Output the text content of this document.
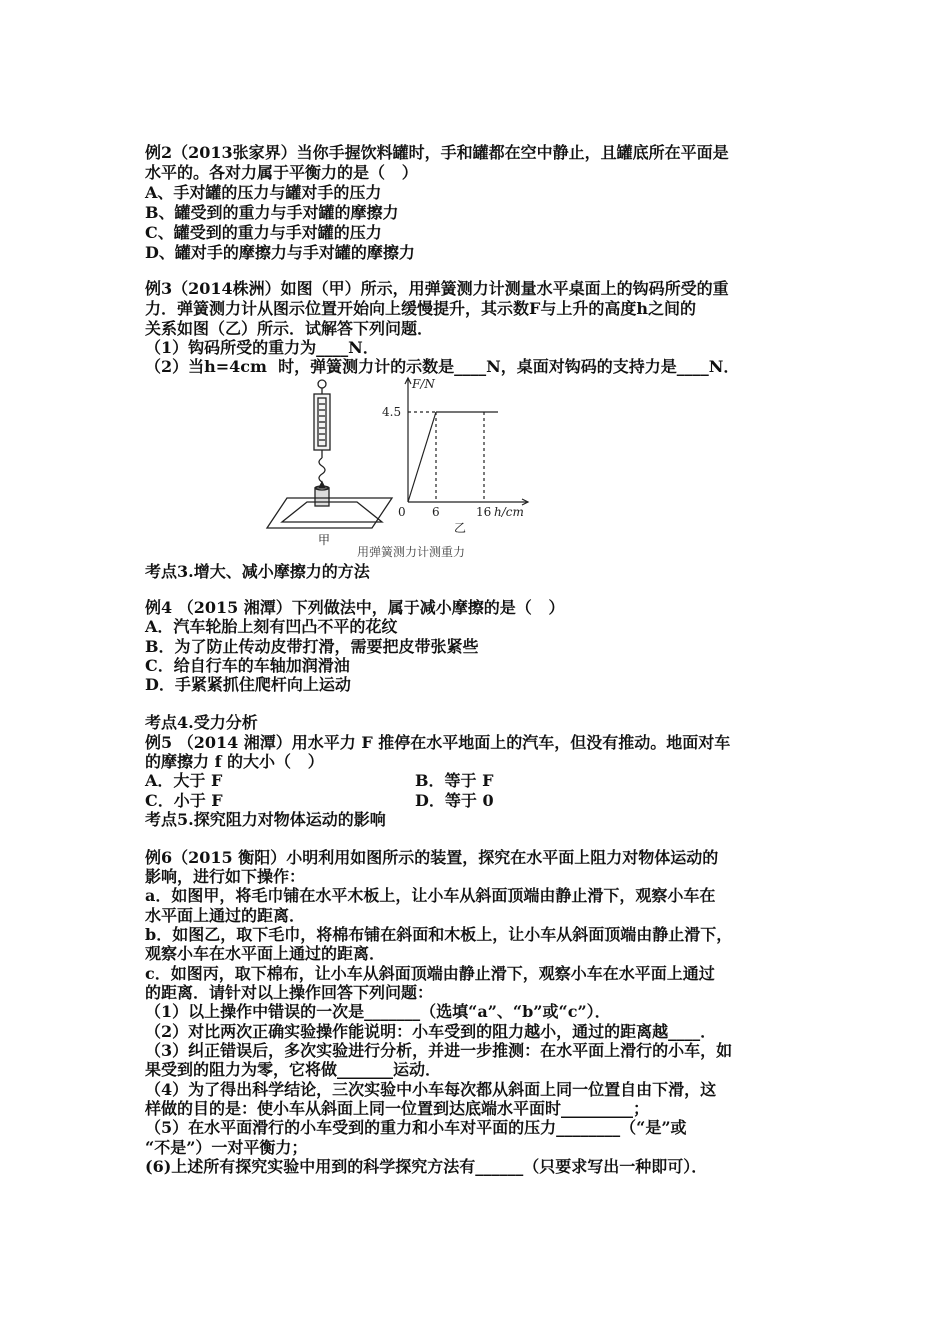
例2（2013张家界）当你手握饮料罐时，手和罐都在空中静止，且罐底所在平面是
水平的。各对力属于平衡力的是（   ）
A、手对罐的压力与罐对手的压力
B、罐受到的重力与手对罐的摩擦力
C、罐受到的重力与手对罐的压力
D、罐对手的摩擦力与手对罐的摩擦力
例3（2014株洲）如图（甲）所示，用弹簧测力计测量水平桌面上的钩码所受的重
力．弹簧测力计从图示位置开始向上缓慢提升，其示数F与上升的高度h之间的
关系如图（乙）所示．试解答下列问题．
（1）钩码所受的重力为____N．
（2）当h=4cm  时，弹簧测力计的示数是____N，桌面对钩码的支持力是____N．
甲
F/N
4.5
0 6	16 h/cm
乙
用弹簧测力计测重力
考点3.增大、减小摩擦力的方法
例4 （2015 湘潭）下列做法中，属于减小摩擦的是（   ）
A．汽车轮胎上刻有凹凸不平的花纹
B．为了防止传动皮带打滑，需要把皮带张紧些
C．给自行车的车轴加润滑油
D．手紧紧抓住爬杆向上运动
考点4.受力分析
例5 （2014 湘潭）用水平力 F 推停在水平地面上的汽车，但没有推动。地面对车
的摩擦力 f 的大小（   ）
A．大于 F	B．等于 F
C．小于 F	D．等于 0
考点5.探究阻力对物体运动的影响
例6（2015 衡阳）小明利用如图所示的装置，探究在水平面上阻力对物体运动的
影响，进行如下操作：
a．如图甲，将毛巾铺在水平木板上，让小车从斜面顶端由静止滑下，观察小车在
水平面上通过的距离．
b．如图乙，取下毛巾，将棉布铺在斜面和木板上，让小车从斜面顶端由静止滑下，
观察小车在水平面上通过的距离．
c．如图丙，取下棉布，让小车从斜面顶端由静止滑下，观察小车在水平面上通过
的距离．请针对以上操作回答下列问题：
（1）以上操作中错误的一次是_______（选填“a”、“b”或“c”）．
（2）对比两次正确实验操作能说明：小车受到的阻力越小，通过的距离越____．
（3）纠正错误后，多次实验进行分析，并进一步推测：在水平面上滑行的小车，如
果受到的阻力为零，它将做_______运动．
（4）为了得出科学结论，三次实验中小车每次都从斜面上同一位置自由下滑，这
样做的目的是：使小车从斜面上同一位置到达底端水平面时_________；
（5）在水平面滑行的小车受到的重力和小车对平面的压力________（“是”或
“不是”）一对平衡力；
(6)上述所有探究实验中用到的科学探究方法有______（只要求写出一种即可）．
